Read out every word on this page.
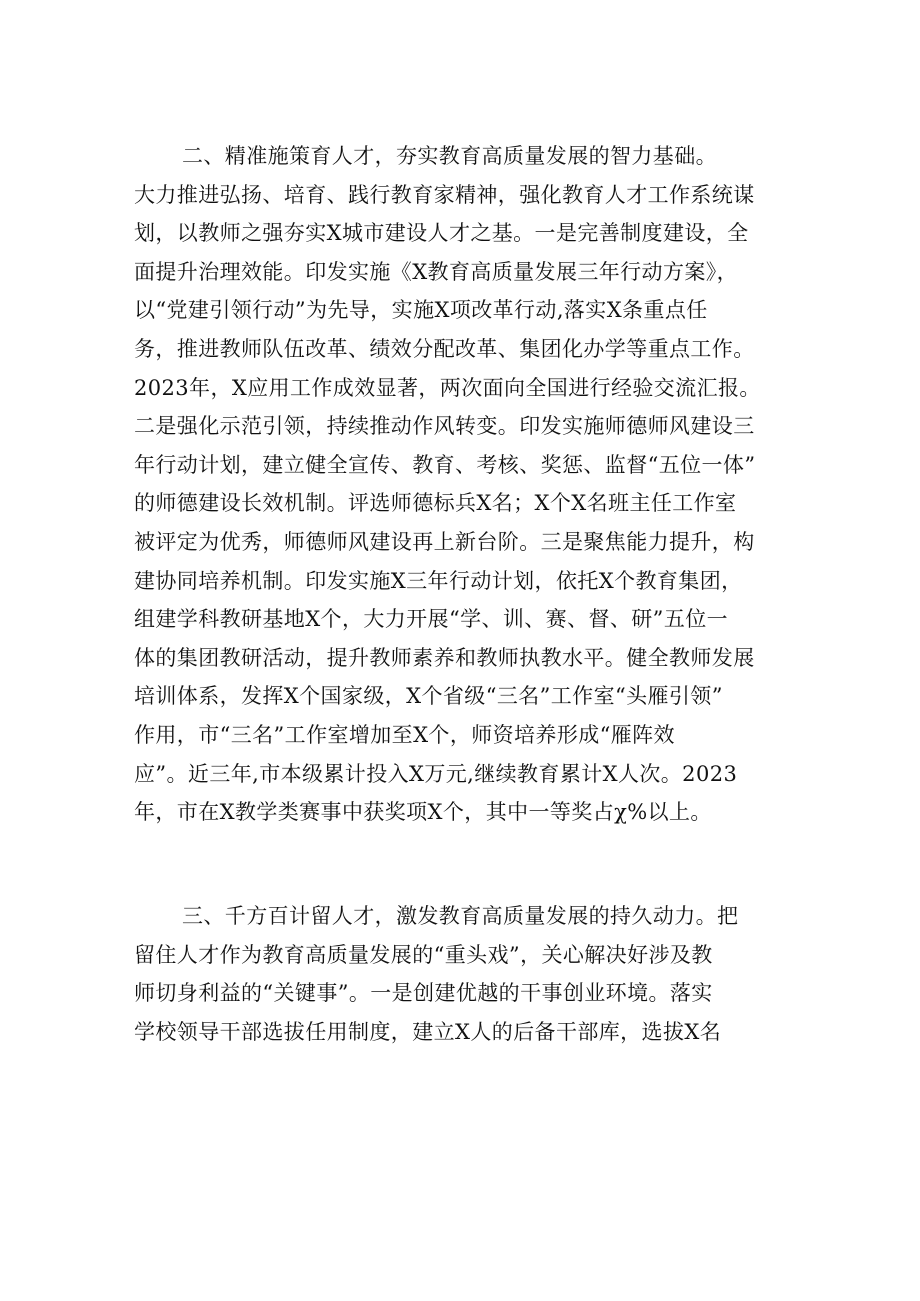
二、精准施策育人才，夯实教育高质量发展的智力基础。
大力推进弘扬、培育、践行教育家精神，强化教育人才工作系统谋
划，以教师之强夯实X城市建设人才之基。一是完善制度建设，全
面提升治理效能。印发实施《X教育高质量发展三年行动方案》，
以“党建引领行动”为先导，实施X项改革行动,落实X条重点任
务，推进教师队伍改革、绩效分配改革、集团化办学等重点工作。
2023年，X应用工作成效显著，两次面向全国进行经验交流汇报。
二是强化示范引领，持续推动作风转变。印发实施师德师风建设三
年行动计划，建立健全宣传、教育、考核、奖惩、监督“五位一体”
的师德建设长效机制。评选师德标兵X名；X个X名班主任工作室
被评定为优秀，师德师风建设再上新台阶。三是聚焦能力提升，构
建协同培养机制。印发实施X三年行动计划，依托X个教育集团，
组建学科教研基地X个，大力开展“学、训、赛、督、研”五位一
体的集团教研活动，提升教师素养和教师执教水平。健全教师发展
培训体系，发挥X个国家级，X个省级“三名”工作室“头雁引领”
作用，市“三名”工作室增加至X个，师资培养形成“雁阵效
应”。近三年,市本级累计投入X万元,继续教育累计X人次。2023
年，市在X教学类赛事中获奖项X个，其中一等奖占χ%以上。
三、千方百计留人才，激发教育高质量发展的持久动力。把
留住人才作为教育高质量发展的“重头戏”，关心解决好涉及教
师切身利益的“关键事”。一是创建优越的干事创业环境。落实
学校领导干部选拔任用制度，建立X人的后备干部库，选拔X名
